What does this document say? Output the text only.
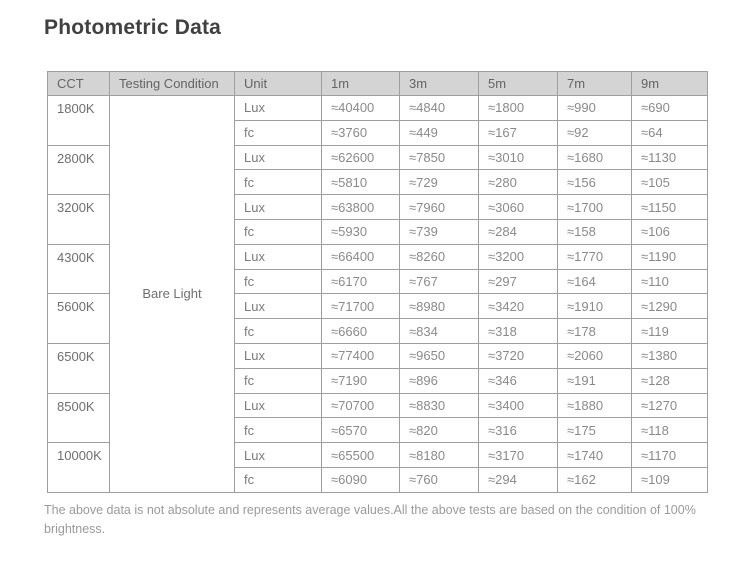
Photometric Data
CCT	Testing Condition	Unit	1m	3m	5m	7m	9m
1800K	Bare Light	Lux	≈40400	≈4840	≈1800	≈990	≈690
		fc	≈3760	≈449	≈167	≈92	≈64
2800K		Lux	≈62600	≈7850	≈3010	≈1680	≈1130
		fc	≈5810	≈729	≈280	≈156	≈105
3200K		Lux	≈63800	≈7960	≈3060	≈1700	≈1150
		fc	≈5930	≈739	≈284	≈158	≈106
4300K		Lux	≈66400	≈8260	≈3200	≈1770	≈1190
		fc	≈6170	≈767	≈297	≈164	≈110
5600K		Lux	≈71700	≈8980	≈3420	≈1910	≈1290
		fc	≈6660	≈834	≈318	≈178	≈119
6500K		Lux	≈77400	≈9650	≈3720	≈2060	≈1380
		fc	≈7190	≈896	≈346	≈191	≈128
8500K		Lux	≈70700	≈8830	≈3400	≈1880	≈1270
		fc	≈6570	≈820	≈316	≈175	≈118
10000K		Lux	≈65500	≈8180	≈3170	≈1740	≈1170
		fc	≈6090	≈760	≈294	≈162	≈109

The above data is not absolute and represents average values.All the above tests are based on the condition of 100% brightness.
